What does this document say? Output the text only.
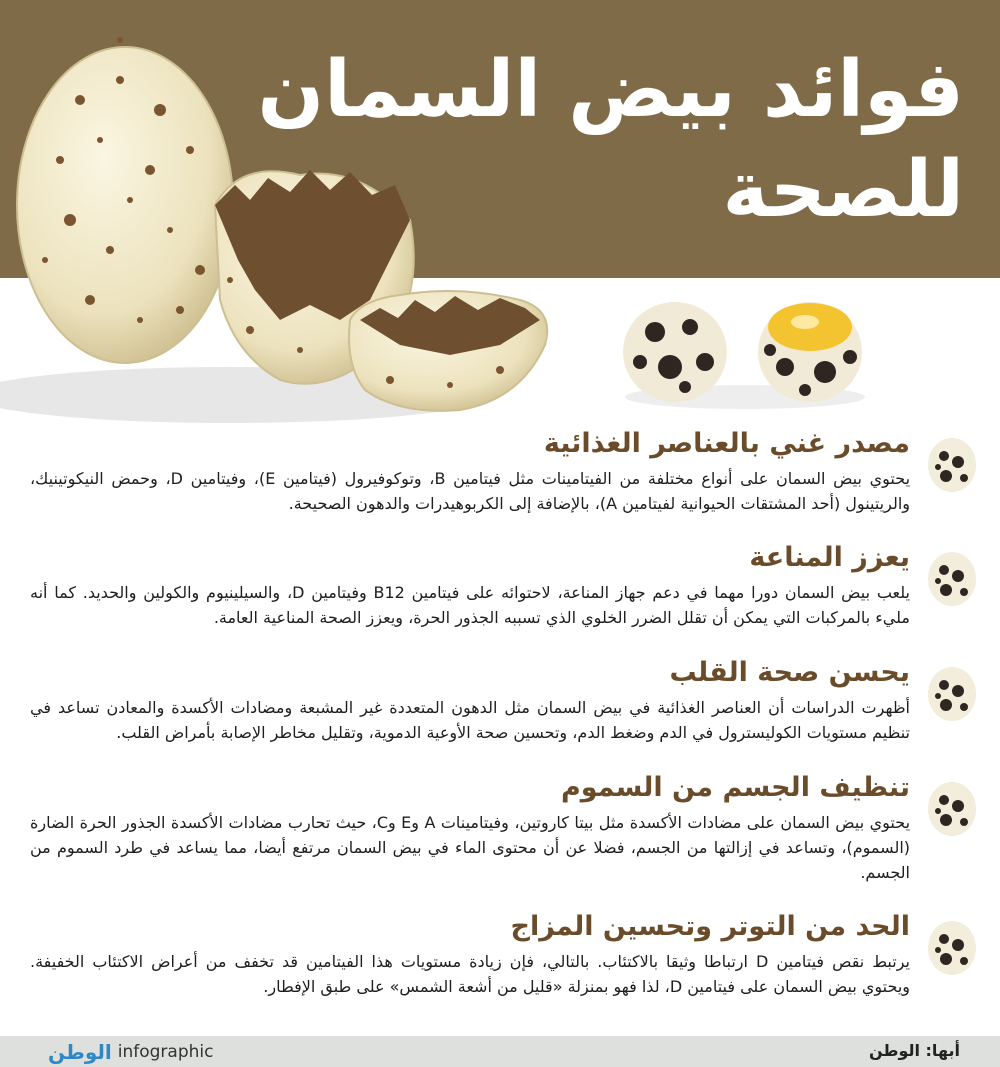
فوائد بيض السمان
للصحة
مصدر غني بالعناصر الغذائية
يحتوي بيض السمان على أنواع مختلفة من الفيتامينات مثل فيتامين B، وتوكوفيرول (فيتامين E)، وفيتامين D، وحمض النيكوتينيك، والريتينول (أحد المشتقات الحيوانية لفيتامين A)، بالإضافة إلى الكربوهيدرات والدهون الصحيحة.
يعزز المناعة
يلعب بيض السمان دورا مهما في دعم جهاز المناعة، لاحتوائه على فيتامين B12 وفيتامين D، والسيلينيوم والكولين والحديد. كما أنه مليء بالمركبات التي يمكن أن تقلل الضرر الخلوي الذي تسببه الجذور الحرة، ويعزز الصحة المناعية العامة.
يحسن صحة القلب
أظهرت الدراسات أن العناصر الغذائية في بيض السمان مثل الدهون المتعددة غير المشبعة ومضادات الأكسدة والمعادن تساعد في تنظيم مستويات الكوليسترول في الدم وضغط الدم، وتحسين صحة الأوعية الدموية، وتقليل مخاطر الإصابة بأمراض القلب.
تنظيف الجسم من السموم
يحتوي بيض السمان على مضادات الأكسدة مثل بيتا كاروتين، وفيتامينات A وE وC، حيث تحارب مضادات الأكسدة الجذور الحرة الضارة (السموم)، وتساعد في إزالتها من الجسم، فضلا عن أن محتوى الماء في بيض السمان مرتفع أيضا، مما يساعد في طرد السموم من الجسم.
الحد من التوتر وتحسين المزاج
يرتبط نقص فيتامين D ارتباطا وثيقا بالاكتئاب. بالتالي، فإن زيادة مستويات هذا الفيتامين قد تخفف من أعراض الاكتئاب الخفيفة. ويحتوي بيض السمان على فيتامين D، لذا فهو بمنزلة «قليل من أشعة الشمس» على طبق الإفطار.
أبها: الوطن
الوطن infographic
